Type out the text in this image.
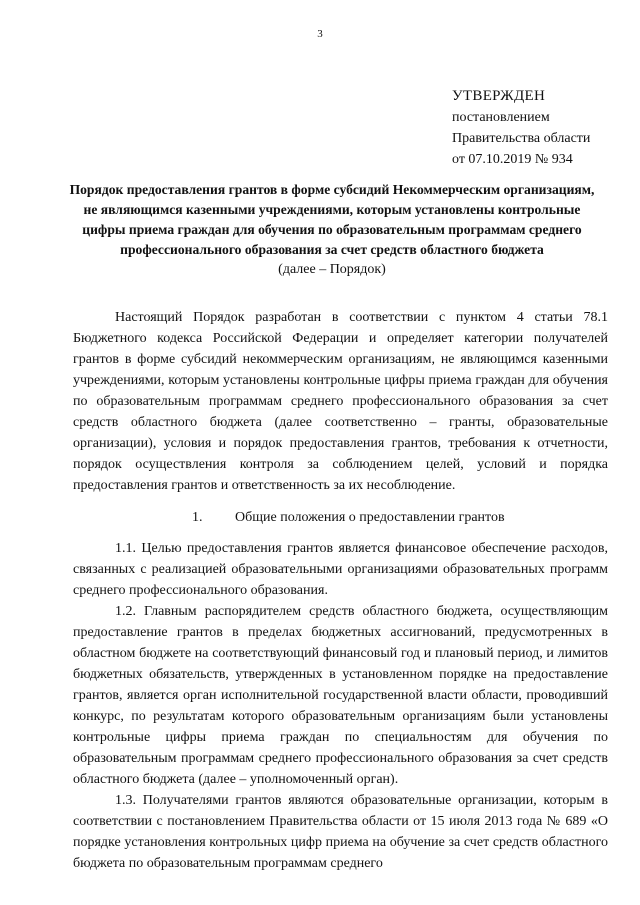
3
УТВЕРЖДЕН
постановлением
Правительства области
от 07.10.2019 № 934
Порядок предоставления грантов в форме субсидий Некоммерческим организациям, не являющимся казенными учреждениями, которым установлены контрольные цифры приема граждан для обучения по образовательным программам среднего профессионального образования за счет средств областного бюджета
(далее – Порядок)

Настоящий Порядок разработан в соответствии с пунктом 4 статьи 78.1 Бюджетного кодекса Российской Федерации и определяет категории получателей грантов в форме субсидий некоммерческим организациям, не являющимся казенными учреждениями, которым установлены контрольные цифры приема граждан для обучения по образовательным программам среднего профессионального образования за счет средств областного бюджета (далее соответственно – гранты, образовательные организации), условия и порядок предоставления грантов, требования к отчетности, порядок осуществления контроля за соблюдением целей, условий и порядка предоставления грантов и ответственность за их несоблюдение.

1. Общие положения о предоставлении грантов

1.1. Целью предоставления грантов является финансовое обеспечение расходов, связанных с реализацией образовательными организациями образовательных программ среднего профессионального образования.

1.2. Главным распорядителем средств областного бюджета, осуществляющим предоставление грантов в пределах бюджетных ассигнований, предусмотренных в областном бюджете на соответствующий финансовый год и плановый период, и лимитов бюджетных обязательств, утвержденных в установленном порядке на предоставление грантов, является орган исполнительной государственной власти области, проводивший конкурс, по результатам которого образовательным организациям были установлены контрольные цифры приема граждан по специальностям для обучения по образовательным программам среднего профессионального образования за счет средств областного бюджета (далее – уполномоченный орган).

1.3. Получателями грантов являются образовательные организации, которым в соответствии с постановлением Правительства области от 15 июля 2013 года № 689 «О порядке установления контрольных цифр приема на обучение за счет средств областного бюджета по образовательным программам среднего
